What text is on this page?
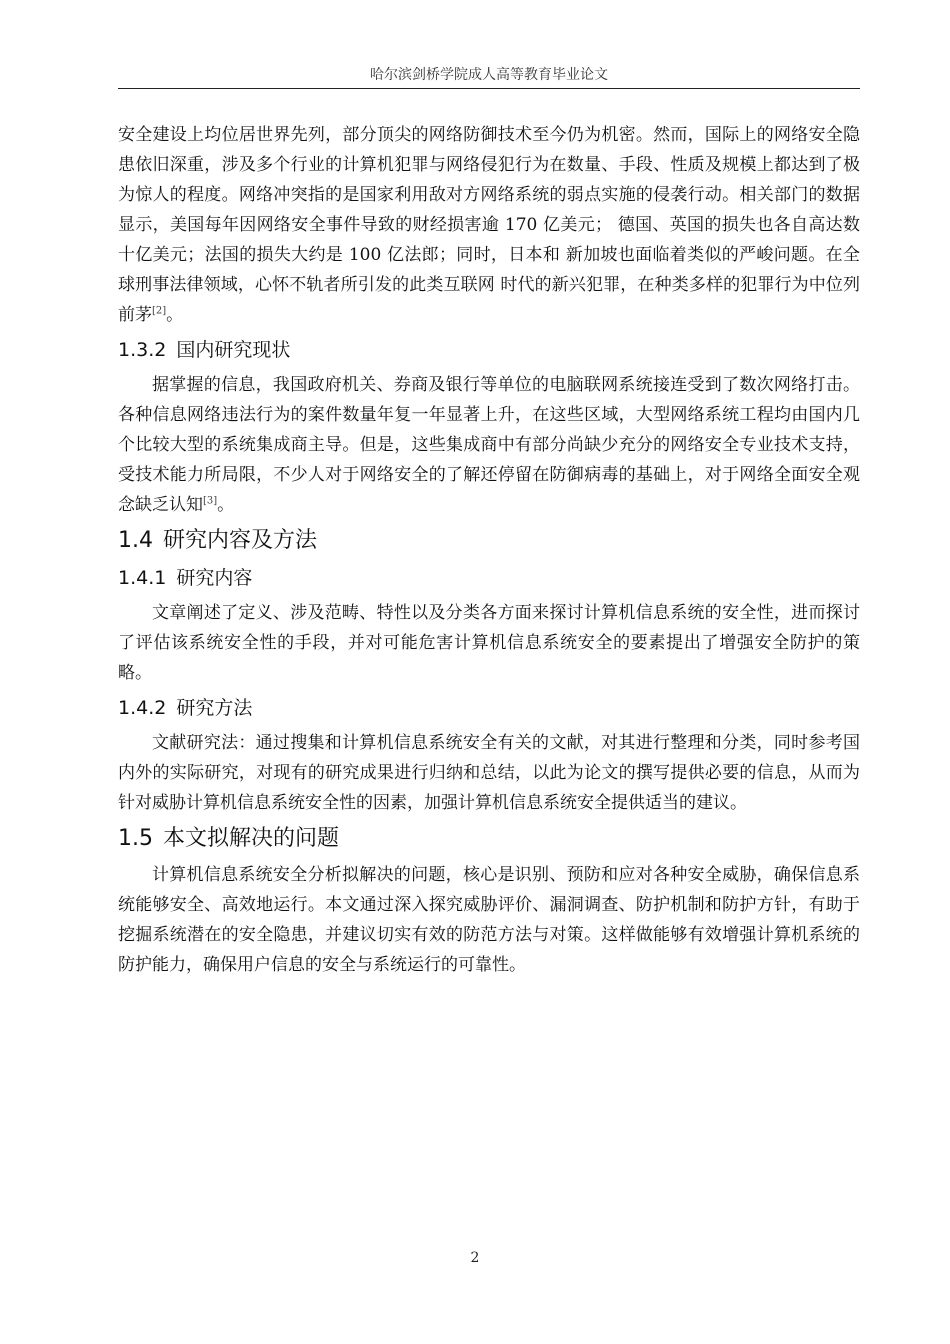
哈尔滨剑桥学院成人高等教育毕业论文

安全建设上均位居世界先列，部分顶尖的网络防御技术至今仍为机密。然而，国际上的网络安全隐患依旧深重，涉及多个行业的计算机犯罪与网络侵犯行为在数量、手段、性质及规模上都达到了极为惊人的程度。网络冲突指的是国家利用敌对方网络系统的弱点实施的侵袭行动。相关部门的数据显示，美国每年因网络安全事件导致的财经损害逾 170 亿美元； 德国、英国的损失也各自高达数十亿美元；法国的损失大约是 100 亿法郎；同时，日本和 新加坡也面临着类似的严峻问题。在全球刑事法律领域，心怀不轨者所引发的此类互联网 时代的新兴犯罪，在种类多样的犯罪行为中位列前茅[2]。

1.3.2 国内研究现状

据掌握的信息，我国政府机关、券商及银行等单位的电脑联网系统接连受到了数次网络打击。各种信息网络违法行为的案件数量年复一年显著上升，在这些区域，大型网络系统工程均由国内几个比较大型的系统集成商主导。但是，这些集成商中有部分尚缺少充分的网络安全专业技术支持，受技术能力所局限，不少人对于网络安全的了解还停留在防御病毒的基础上，对于网络全面安全观念缺乏认知[3]。

1.4 研究内容及方法
1.4.1 研究内容

文章阐述了定义、涉及范畴、特性以及分类各方面来探讨计算机信息系统的安全性，进而探讨了评估该系统安全性的手段，并对可能危害计算机信息系统安全的要素提出了增强安全防护的策略。

1.4.2 研究方法

文献研究法：通过搜集和计算机信息系统安全有关的文献，对其进行整理和分类，同时参考国内外的实际研究，对现有的研究成果进行归纳和总结，以此为论文的撰写提供必要的信息，从而为针对威胁计算机信息系统安全性的因素，加强计算机信息系统安全提供适当的建议。

1.5 本文拟解决的问题

计算机信息系统安全分析拟解决的问题，核心是识别、预防和应对各种安全威胁，确保信息系统能够安全、高效地运行。本文通过深入探究威胁评价、漏洞调查、防护机制和防护方针，有助于挖掘系统潜在的安全隐患，并建议切实有效的防范方法与对策。这样做能够有效增强计算机系统的防护能力，确保用户信息的安全与系统运行的可靠性。

2
